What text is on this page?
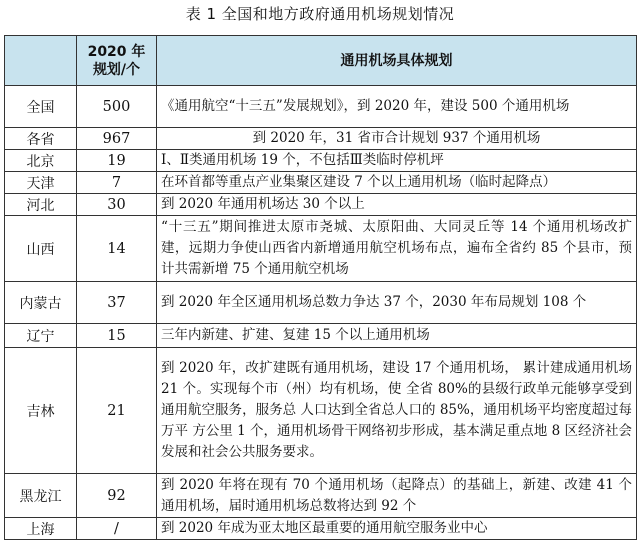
表 1 全国和地方政府通用机场规划情况

	2020 年
规划/个	通用机场具体规划
全国	500	《通用航空“十三五”发展规划》，到 2020 年，建设 500 个通用机场
各省	967	到 2020 年，31 省市合计规划 937 个通用机场
北京	19	Ⅰ、Ⅱ类通用机场 19 个，不包括Ⅲ类临时停机坪
天津	7	在环首都等重点产业集聚区建设 7 个以上通用机场（临时起降点）
河北	30	到 2020 年通用机场达 30 个以上
山西	14	“十三五”期间推进太原市尧城、太原阳曲、大同灵丘等 14 个通用机场改扩建，远期力争使山西省内新增通用航空机场布点，遍布全省约 85 个县市，预计共需新增 75 个通用航空机场
内蒙古	37	到 2020 年全区通用机场总数力争达 37 个，2030 年布局规划 108 个
辽宁	15	三年内新建、扩建、复建 15 个以上通用机场
吉林	21	到 2020 年，改扩建既有通用机场，建设 17 个通用机场， 累计建成通用机场 21 个。实现每个市（州）均有机场，使 全省 80%的县级行政单元能够享受到通用航空服务，服务总 人口达到全省总人口的 85%，通用机场平均密度超过每万平 方公里 1 个，通用机场骨干网络初步形成，基本满足重点地 8 区经济社会发展和社会公共服务要求。
黑龙江	92	到 2020 年将在现有 70 个通用机场（起降点）的基础上，新建、改建 41 个通用机场，届时通用机场总数将达到 92 个
上海	/	到 2020 年成为亚太地区最重要的通用航空服务业中心
